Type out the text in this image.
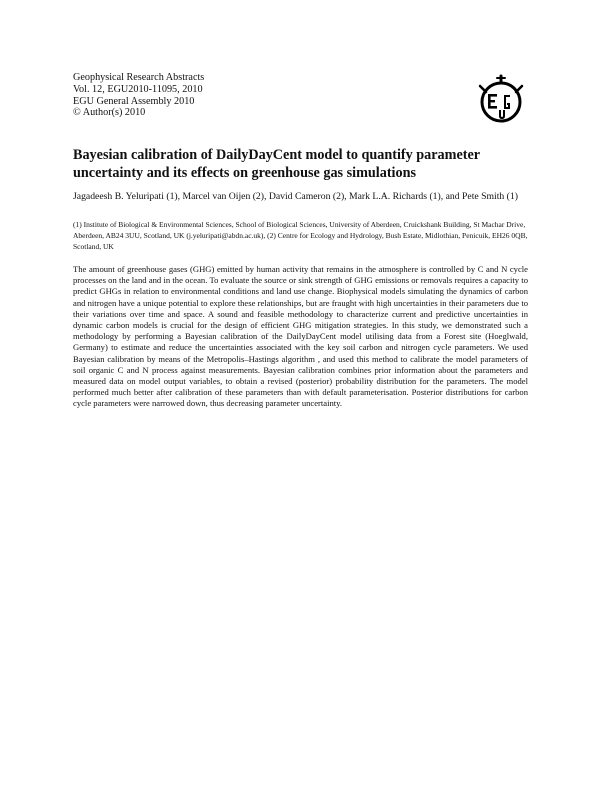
Geophysical Research Abstracts
Vol. 12, EGU2010-11095, 2010
EGU General Assembly 2010
© Author(s) 2010
Bayesian calibration of DailyDayCent model to quantify parameter uncertainty and its effects on greenhouse gas simulations
Jagadeesh B. Yeluripati (1), Marcel van Oijen (2), David Cameron (2), Mark L.A. Richards (1), and Pete Smith (1)
(1) Institute of Biological & Environmental Sciences, School of Biological Sciences, University of Aberdeen, Cruickshank Building, St Machar Drive, Aberdeen, AB24 3UU, Scotland, UK (j.yeluripati@abdn.ac.uk), (2) Centre for Ecology and Hydrology, Bush Estate, Midlothian, Penicuik, EH26 0QB, Scotland, UK

The amount of greenhouse gases (GHG) emitted by human activity that remains in the atmosphere is controlled by C and N cycle processes on the land and in the ocean. To evaluate the source or sink strength of GHG emissions or removals requires a capacity to predict GHGs in relation to environmental conditions and land use change. Biophysical models simulating the dynamics of carbon and nitrogen have a unique potential to explore these relationships, but are fraught with high uncertainties in their parameters due to their variations over time and space. A sound and feasible methodology to characterize current and predictive uncertainties in dynamic carbon models is crucial for the design of efficient GHG mitigation strategies. In this study, we demonstrated such a methodology by performing a Bayesian calibration of the DailyDayCent model utilising data from a Forest site (Hoeglwald, Germany) to estimate and reduce the uncertainties associated with the key soil carbon and nitrogen cycle parameters. We used Bayesian calibration by means of the Metropolis–Hastings algorithm , and used this method to calibrate the model parameters of soil organic C and N process against measurements. Bayesian calibration combines prior information about the parameters and measured data on model output variables, to obtain a revised (posterior) probability distribution for the parameters. The model performed much better after calibration of these parameters than with default parameterisation. Posterior distributions for carbon cycle parameters were narrowed down, thus decreasing parameter uncertainty.
